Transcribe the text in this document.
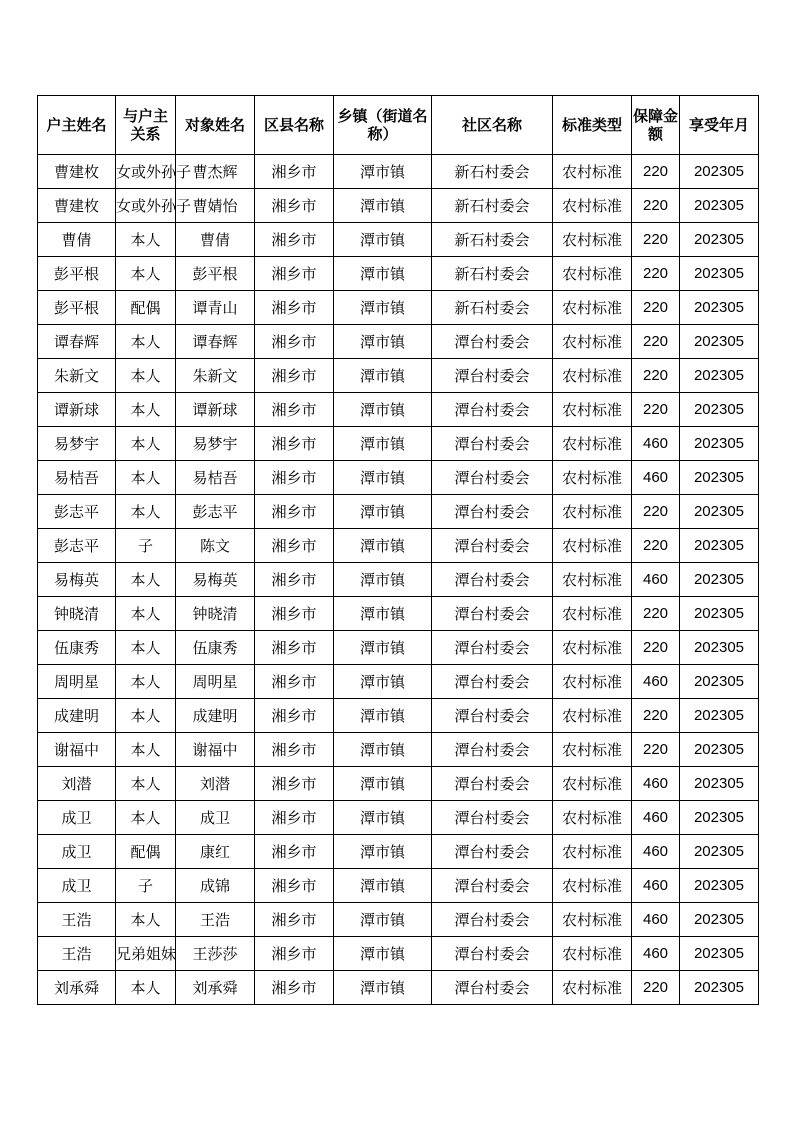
户主姓名	与户主关系	对象姓名	区县名称	乡镇（街道名称）	社区名称	标准类型	保障金额	享受年月
曹建枚	女或外孙子	曹杰辉	湘乡市	潭市镇	新石村委会	农村标准	220	202305
曹建枚	女或外孙子	曹婧怡	湘乡市	潭市镇	新石村委会	农村标准	220	202305
曹倩	本人	曹倩	湘乡市	潭市镇	新石村委会	农村标准	220	202305
彭平根	本人	彭平根	湘乡市	潭市镇	新石村委会	农村标准	220	202305
彭平根	配偶	谭青山	湘乡市	潭市镇	新石村委会	农村标准	220	202305
谭春辉	本人	谭春辉	湘乡市	潭市镇	潭台村委会	农村标准	220	202305
朱新文	本人	朱新文	湘乡市	潭市镇	潭台村委会	农村标准	220	202305
谭新球	本人	谭新球	湘乡市	潭市镇	潭台村委会	农村标准	220	202305
易梦宇	本人	易梦宇	湘乡市	潭市镇	潭台村委会	农村标准	460	202305
易桔吾	本人	易桔吾	湘乡市	潭市镇	潭台村委会	农村标准	460	202305
彭志平	本人	彭志平	湘乡市	潭市镇	潭台村委会	农村标准	220	202305
彭志平	子	陈文	湘乡市	潭市镇	潭台村委会	农村标准	220	202305
易梅英	本人	易梅英	湘乡市	潭市镇	潭台村委会	农村标准	460	202305
钟晓清	本人	钟晓清	湘乡市	潭市镇	潭台村委会	农村标准	220	202305
伍康秀	本人	伍康秀	湘乡市	潭市镇	潭台村委会	农村标准	220	202305
周明星	本人	周明星	湘乡市	潭市镇	潭台村委会	农村标准	460	202305
成建明	本人	成建明	湘乡市	潭市镇	潭台村委会	农村标准	220	202305
谢福中	本人	谢福中	湘乡市	潭市镇	潭台村委会	农村标准	220	202305
刘潜	本人	刘潜	湘乡市	潭市镇	潭台村委会	农村标准	460	202305
成卫	本人	成卫	湘乡市	潭市镇	潭台村委会	农村标准	460	202305
成卫	配偶	康红	湘乡市	潭市镇	潭台村委会	农村标准	460	202305
成卫	子	成锦	湘乡市	潭市镇	潭台村委会	农村标准	460	202305
王浩	本人	王浩	湘乡市	潭市镇	潭台村委会	农村标准	460	202305
王浩	兄弟姐妹	王莎莎	湘乡市	潭市镇	潭台村委会	农村标准	460	202305
刘承舜	本人	刘承舜	湘乡市	潭市镇	潭台村委会	农村标准	220	202305
